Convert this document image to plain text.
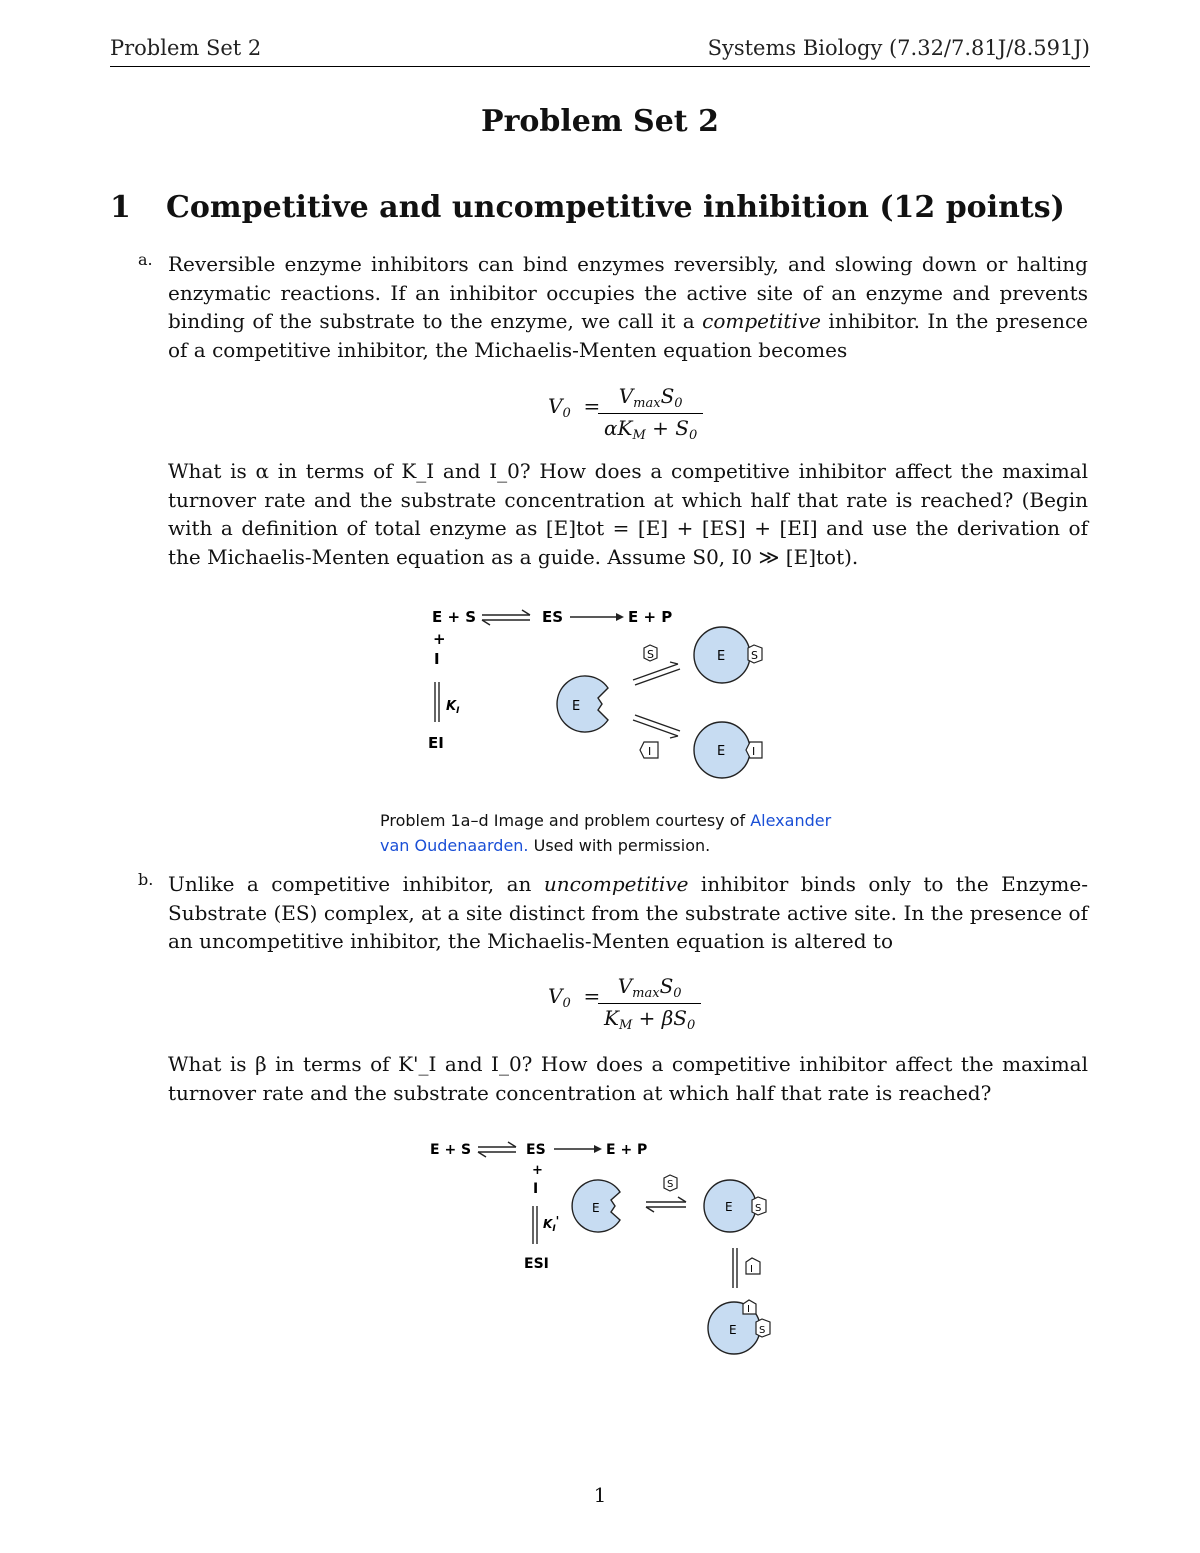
Problem Set 2	Systems Biology (7.32/7.81J/8.591J)
Problem Set 2
1 Competitive and uncompetitive inhibition (12 points)
a. Reversible enzyme inhibitors can bind enzymes reversibly, and slowing down or halting enzymatic reactions. If an inhibitor occupies the active site of an enzyme and prevents binding of the substrate to the enzyme, we call it a competitive inhibitor. In the presence of a competitive inhibitor, the Michaelis-Menten equation becomes
$V_0 = V_{max}S_0$
$\alpha K_M + S_0$
What is α in terms of K_I and I_0? How does a competitive inhibitor affect the maximal turnover rate and the substrate concentration at which half that rate is reached? (Begin with a definition of total enzyme as [E]tot = [E] + [ES] + [EI] and use the derivation of the Michaelis-Menten equation as a guide. Assume S0, I0 ≫ [E]tot).
E + S	ES	E + P
+
I
$K_I$
EI
E
S	E S
I	E I
Problem 1a–d Image and problem courtesy of Alexander
van Oudenaarden. Used with permission.
b. Unlike a competitive inhibitor, an uncompetitive inhibitor binds only to the Enzyme-Substrate (ES) complex, at a site distinct from the substrate active site. In the presence of an uncompetitive inhibitor, the Michaelis-Menten equation is altered to
$V_0 = V_{max}S_0$
$K_M + \beta S_0$
What is β in terms of K'_I and I_0? How does a competitive inhibitor affect the maximal turnover rate and the substrate concentration at which half that rate is reached?
E + S	ES	E + P
+
I
$K_I'$
ESI
E
S
E S
I
E S
I
1
